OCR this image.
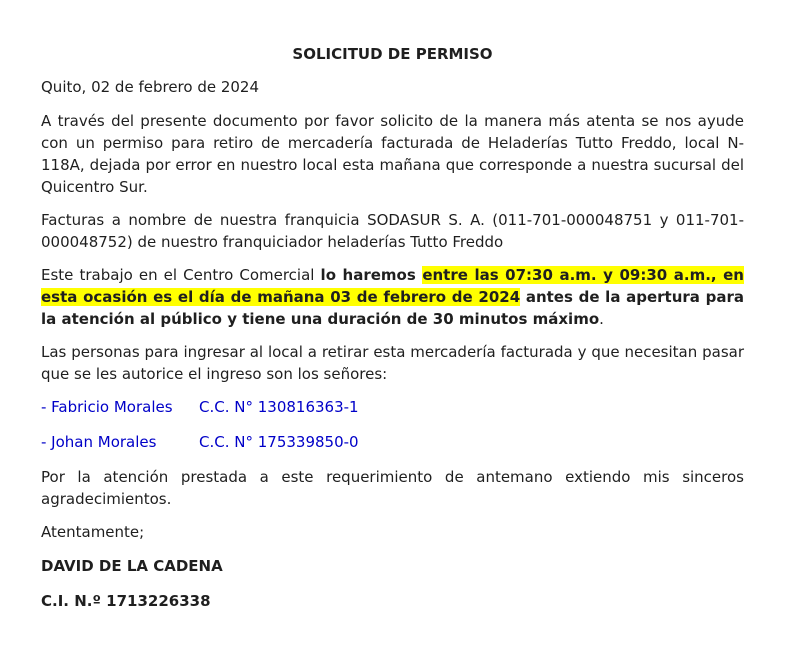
SOLICITUD DE PERMISO

Quito, 02 de febrero de 2024

A través del presente documento por favor solicito de la manera más atenta se nos ayude con un permiso para retiro de mercadería facturada de Heladerías Tutto Freddo, local N-118A, dejada por error en nuestro local esta mañana que corresponde a nuestra sucursal del Quicentro Sur.

Facturas a nombre de nuestra franquicia SODASUR S. A. (011-701-000048751 y 011-701-000048752) de nuestro franquiciador heladerías Tutto Freddo

Este trabajo en el Centro Comercial lo haremos entre las 07:30 a.m. y 09:30 a.m., en esta ocasión es el día de mañana 03 de febrero de 2024 antes de la apertura para la atención al público y tiene una duración de 30 minutos máximo.

Las personas para ingresar al local a retirar esta mercadería facturada y que necesitan pasar que se les autorice el ingreso son los señores:

- Fabricio Morales C.C. N° 130816363-1
- Johan Morales	C.C. N° 175339850-0

Por la atención prestada a este requerimiento de antemano extiendo mis sinceros agradecimientos.

Atentamente;

DAVID DE LA CADENA
C.I. N.º 1713226338
